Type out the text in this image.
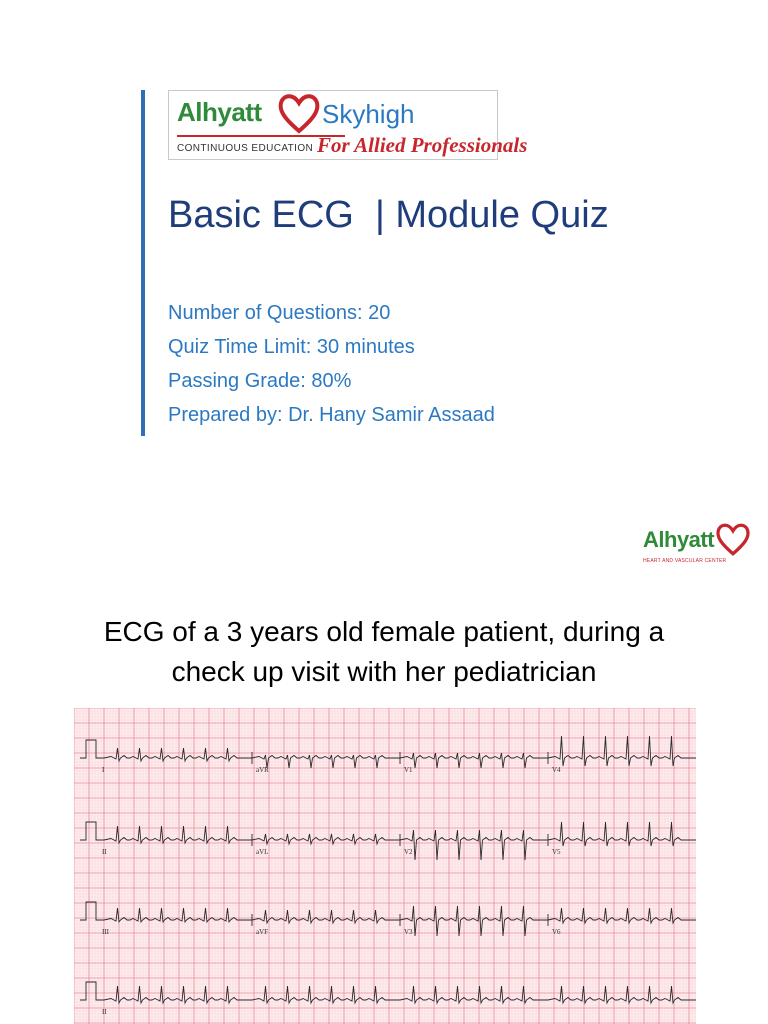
Alhyatt Skyhigh
CONTINUOUS EDUCATION For Allied Professionals
Basic ECG  | Module Quiz
Number of Questions: 20
Quiz Time Limit: 30 minutes
Passing Grade: 80%
Prepared by: Dr. Hany Samir Assaad
Alhyatt
HEART AND VASCULAR CENTER
ECG of a 3 years old female patient, during a
check up visit with her pediatrician
I	aVR	V1	V4
II	aVL	V2	V5
III	aVF	V3	V6
II
